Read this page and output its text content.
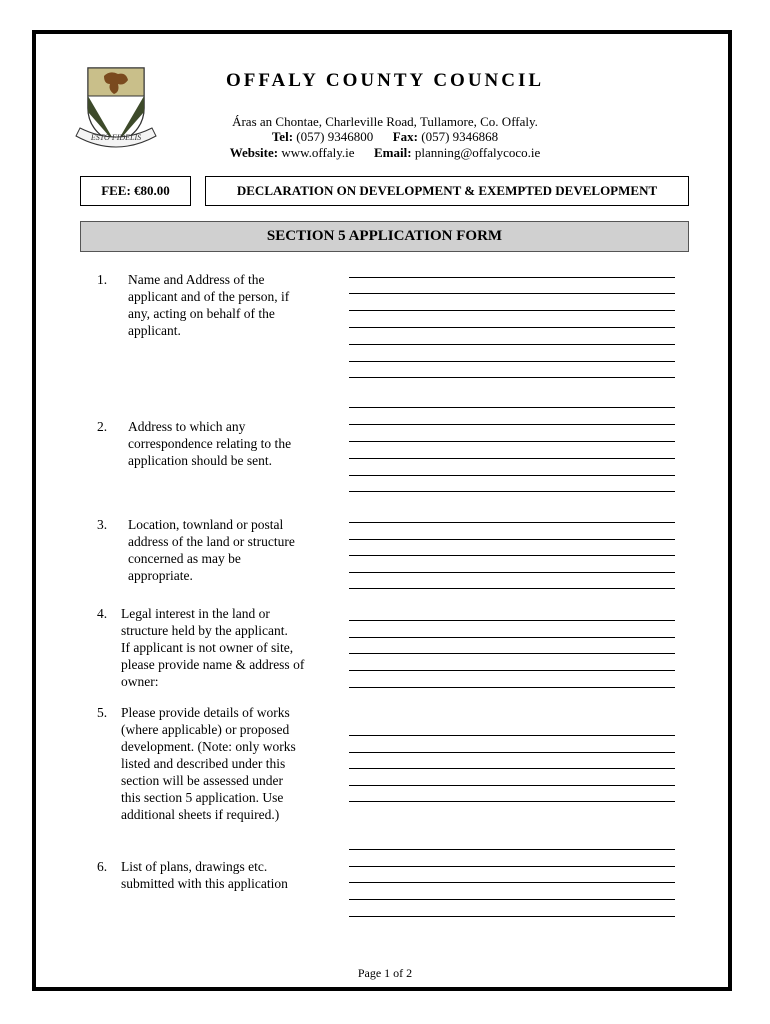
ESTO FIDELIS
OFFALY COUNTY COUNCIL
Áras an Chontae, Charleville Road, Tullamore, Co. Offaly.
Tel: (057) 9346800 Fax: (057) 9346868
Website: www.offaly.ie Email: planning@offalycoco.ie
FEE: €80.00	DECLARATION ON DEVELOPMENT & EXEMPTED DEVELOPMENT
SECTION 5 APPLICATION FORM
1. Name and Address of the
applicant and of the person, if
any, acting on behalf of the
applicant.
2. Address to which any
correspondence relating to the
application should be sent.
3. Location, townland or postal
address of the land or structure
concerned as may be
appropriate.
4. Legal interest in the land or
structure held by the applicant.
If applicant is not owner of site,
please provide name & address of
owner:
5. Please provide details of works
(where applicable) or proposed
development. (Note: only works
listed and described under this
section will be assessed under
this section 5 application. Use
additional sheets if required.)
6. List of plans, drawings etc.
submitted with this application
Page 1 of 2
